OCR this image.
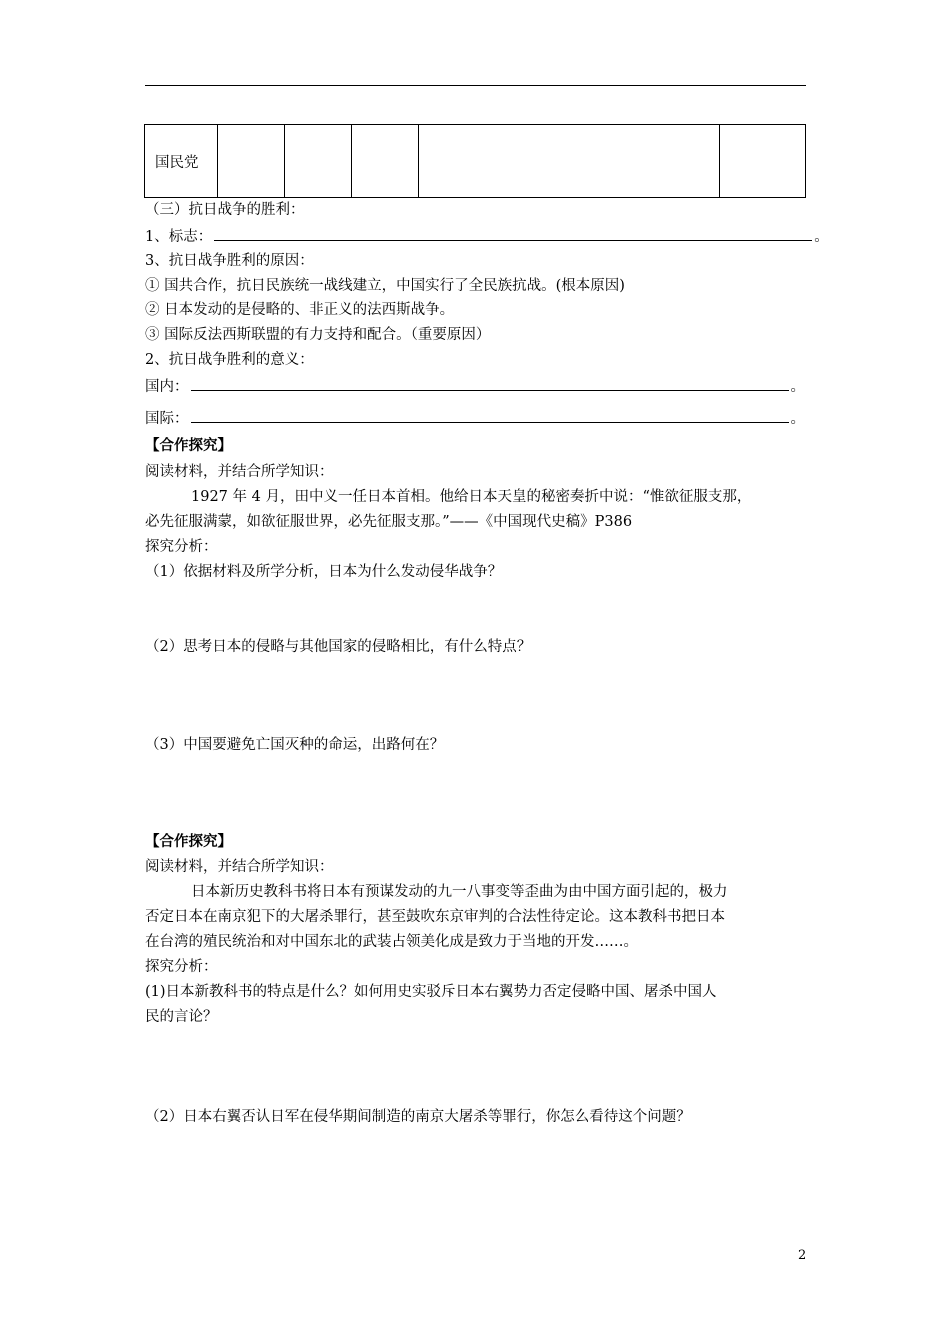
国民党					
（三）抗日战争的胜利：
1、标志：	。
3、抗日战争胜利的原因：
① 国共合作，抗日民族统一战线建立，中国实行了全民族抗战。(根本原因)
② 日本发动的是侵略的、非正义的法西斯战争。
③ 国际反法西斯联盟的有力支持和配合。（重要原因）
2、抗日战争胜利的意义：
国内：	。
国际：	。
【合作探究】
阅读材料，并结合所学知识：
1927 年 4 月，田中义一任日本首相。他给日本天皇的秘密奏折中说：“惟欲征服支那，
必先征服满蒙，如欲征服世界，必先征服支那。”——《中国现代史稿》P386
探究分析：
（1）依据材料及所学分析，日本为什么发动侵华战争？
（2）思考日本的侵略与其他国家的侵略相比，有什么特点？
（3）中国要避免亡国灭种的命运，出路何在？
【合作探究】
阅读材料，并结合所学知识：
日本新历史教科书将日本有预谋发动的九一八事变等歪曲为由中国方面引起的，极力
否定日本在南京犯下的大屠杀罪行，甚至鼓吹东京审判的合法性待定论。这本教科书把日本
在台湾的殖民统治和对中国东北的武装占领美化成是致力于当地的开发……。
探究分析：
(1)日本新教科书的特点是什么？如何用史实驳斥日本右翼势力否定侵略中国、屠杀中国人
民的言论？
（2）日本右翼否认日军在侵华期间制造的南京大屠杀等罪行，你怎么看待这个问题？
2
